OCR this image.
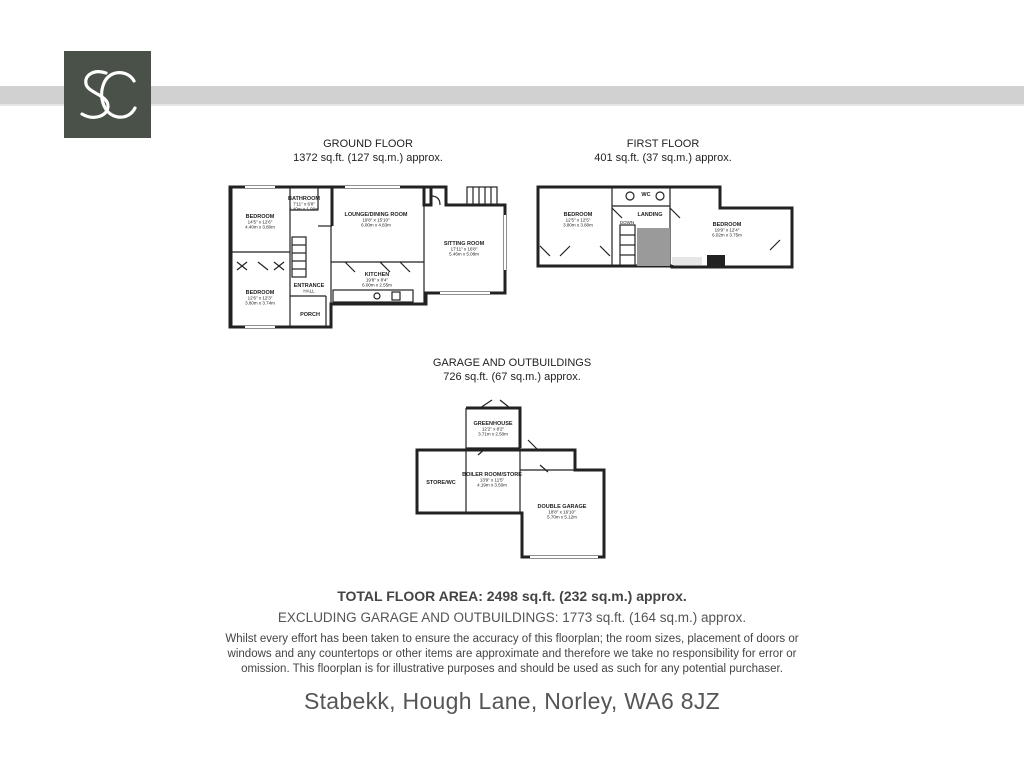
GROUND FLOOR
1372 sq.ft. (127 sq.m.) approx.
FIRST FLOOR
401 sq.ft. (37 sq.m.) approx.
GARAGE AND OUTBUILDINGS
726 sq.ft. (67 sq.m.) approx.
BEDROOM
14'5" x 12'6"
4.40m x 3.80m
BATHROOM
7'11" x 6'8"
2.40m x 1.99m
LOUNGE/DINING ROOM
19'8" x 15'10"
6.00m x 4.83m
SITTING ROOM
17'11" x 16'8"
5.46m x 5.08m
KITCHEN
19'8" x 8'4"
6.00m x 2.55m
ENTRANCE
HALL
BEDROOM
12'6" x 12'3"
3.80m x 3.74m
PORCH
BEDROOM
12'5" x 12'5"
3.80m x 3.80m
WC
LANDING
BEDROOM
19'9" x 12'4"
6.02m x 3.75m
GREENHOUSE
12'2" x 8'2"
3.71m x 2.50m
STORE/WC
BOILER ROOM/STORE
13'9" x 11'5"
4.19m x 3.50m
DOUBLE GARAGE
18'8" x 16'10"
5.70m x 5.12m
DOWN
TOTAL FLOOR AREA: 2498 sq.ft. (232 sq.m.) approx.
EXCLUDING GARAGE AND OUTBUILDINGS: 1773 sq.ft. (164 sq.m.) approx.
Whilst every effort has been taken to ensure the accuracy of this floorplan; the room sizes, placement of doors or
windows and any countertops or other items are approximate and therefore we take no responsibility for error or
omission. This floorplan is for illustrative purposes and should be used as such for any potential purchaser.
Stabekk, Hough Lane, Norley, WA6 8JZ
